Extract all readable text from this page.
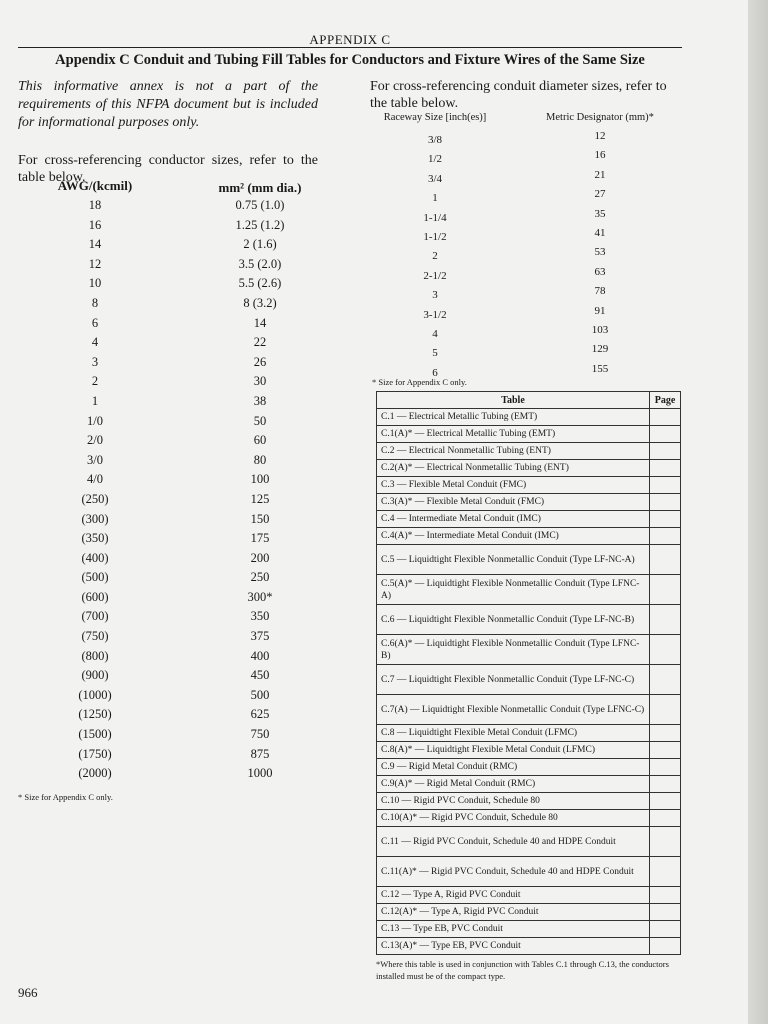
APPENDIX C
Appendix C Conduit and Tubing Fill Tables for Conductors and Fixture Wires of the Same Size

This informative annex is not a part of the requirements of this NFPA document but is included for informational purposes only.

For cross-referencing conductor sizes, refer to the table below.

AWG/(kcmil)	mm² (mm dia.)
18	0.75 (1.0)
16	1.25 (1.2)
14	2 (1.6)
12	3.5 (2.0)
10	5.5 (2.6)
8	8 (3.2)
6	14
4	22
3	26
2	30
1	38
1/0	50
2/0	60
3/0	80
4/0	100
(250)	125
(300)	150
(350)	175
(400)	200
(500)	250
(600)	300*
(700)	350
(750)	375
(800)	400
(900)	450
(1000)	500
(1250)	625
(1500)	750
(1750)	875
(2000)	1000
* Size for Appendix C only.

For cross-referencing conduit diameter sizes, refer to the table below.

Raceway Size [inch(es)]	Metric Designator (mm)*
3/8	12
1/2	16
3/4	21
1	27
1-1/4	35
1-1/2	41
2	53
2-1/2	63
3	78
3-1/2	91
4	103
5	129
6	155
* Size for Appendix C only.
Table	Page
C.1 — Electrical Metallic Tubing (EMT)	
C.1(A)* — Electrical Metallic Tubing (EMT)	
C.2 — Electrical Nonmetallic Tubing (ENT)	
C.2(A)* — Electrical Nonmetallic Tubing (ENT)	
C.3 — Flexible Metal Conduit (FMC)	
C.3(A)* — Flexible Metal Conduit (FMC)	
C.4 — Intermediate Metal Conduit (IMC)	
C.4(A)* — Intermediate Metal Conduit (IMC)	
C.5 — Liquidtight Flexible Nonmetallic Conduit (Type LF-NC-A)	
C.5(A)* — Liquidtight Flexible Nonmetallic Conduit (Type LFNC-A)	
C.6 — Liquidtight Flexible Nonmetallic Conduit (Type LF-NC-B)	
C.6(A)* — Liquidtight Flexible Nonmetallic Conduit (Type LFNC-B)	
C.7 — Liquidtight Flexible Nonmetallic Conduit (Type LF-NC-C)	
C.7(A) — Liquidtight Flexible Nonmetallic Conduit (Type LFNC-C)	
C.8 — Liquidtight Flexible Metal Conduit (LFMC)	
C.8(A)* — Liquidtight Flexible Metal Conduit (LFMC)	
C.9 — Rigid Metal Conduit (RMC)	
C.9(A)* — Rigid Metal Conduit (RMC)	
C.10 — Rigid PVC Conduit, Schedule 80	
C.10(A)* — Rigid PVC Conduit, Schedule 80	
C.11 — Rigid PVC Conduit, Schedule 40 and HDPE Conduit	
C.11(A)* — Rigid PVC Conduit, Schedule 40 and HDPE Conduit	
C.12 — Type A, Rigid PVC Conduit	
C.12(A)* — Type A, Rigid PVC Conduit	
C.13 — Type EB, PVC Conduit	
C.13(A)* — Type EB, PVC Conduit	
*Where this table is used in conjunction with Tables C.1 through C.13, the conductors installed must be of the compact type.
966
